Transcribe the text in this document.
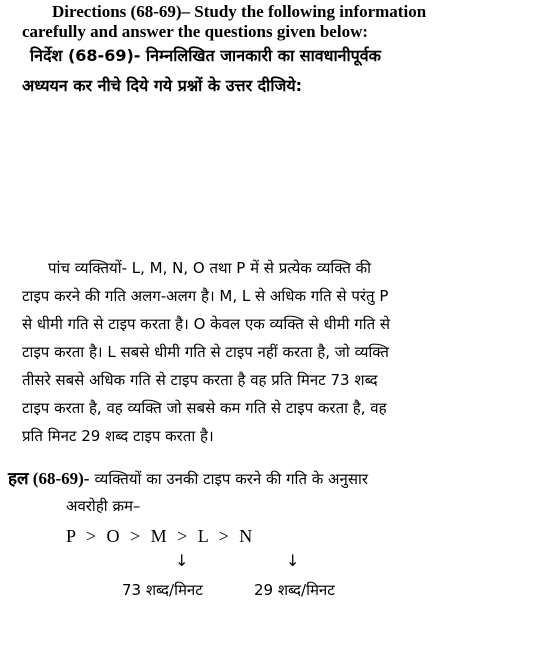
Directions (68-69)– Study the following information
carefully and answer the questions given below:
निर्देश (68-69)- निम्नलिखित जानकारी का सावधानीपूर्वक
अध्ययन कर नीचे दिये गये प्रश्नों के उत्तर दीजिये:
पांच व्यक्तियों- L, M, N, O तथा P में से प्रत्येक व्यक्ति की
टाइप करने की गति अलग-अलग है। M, L से अधिक गति से परंतु P
से धीमी गति से टाइप करता है। O केवल एक व्यक्ति से धीमी गति से
टाइप करता है। L सबसे धीमी गति से टाइप नहीं करता है, जो व्यक्ति
तीसरे सबसे अधिक गति से टाइप करता है वह प्रति मिनट 73 शब्द
टाइप करता है, वह व्यक्ति जो सबसे कम गति से टाइप करता है, वह
प्रति मिनट 29 शब्द टाइप करता है।
हल (68-69)- व्यक्तियों का उनकी टाइप करने की गति के अनुसार
अवरोही क्रम–
P > O > M > L > N
↓	↓
73 शब्द/मिनट	29 शब्द/मिनट
